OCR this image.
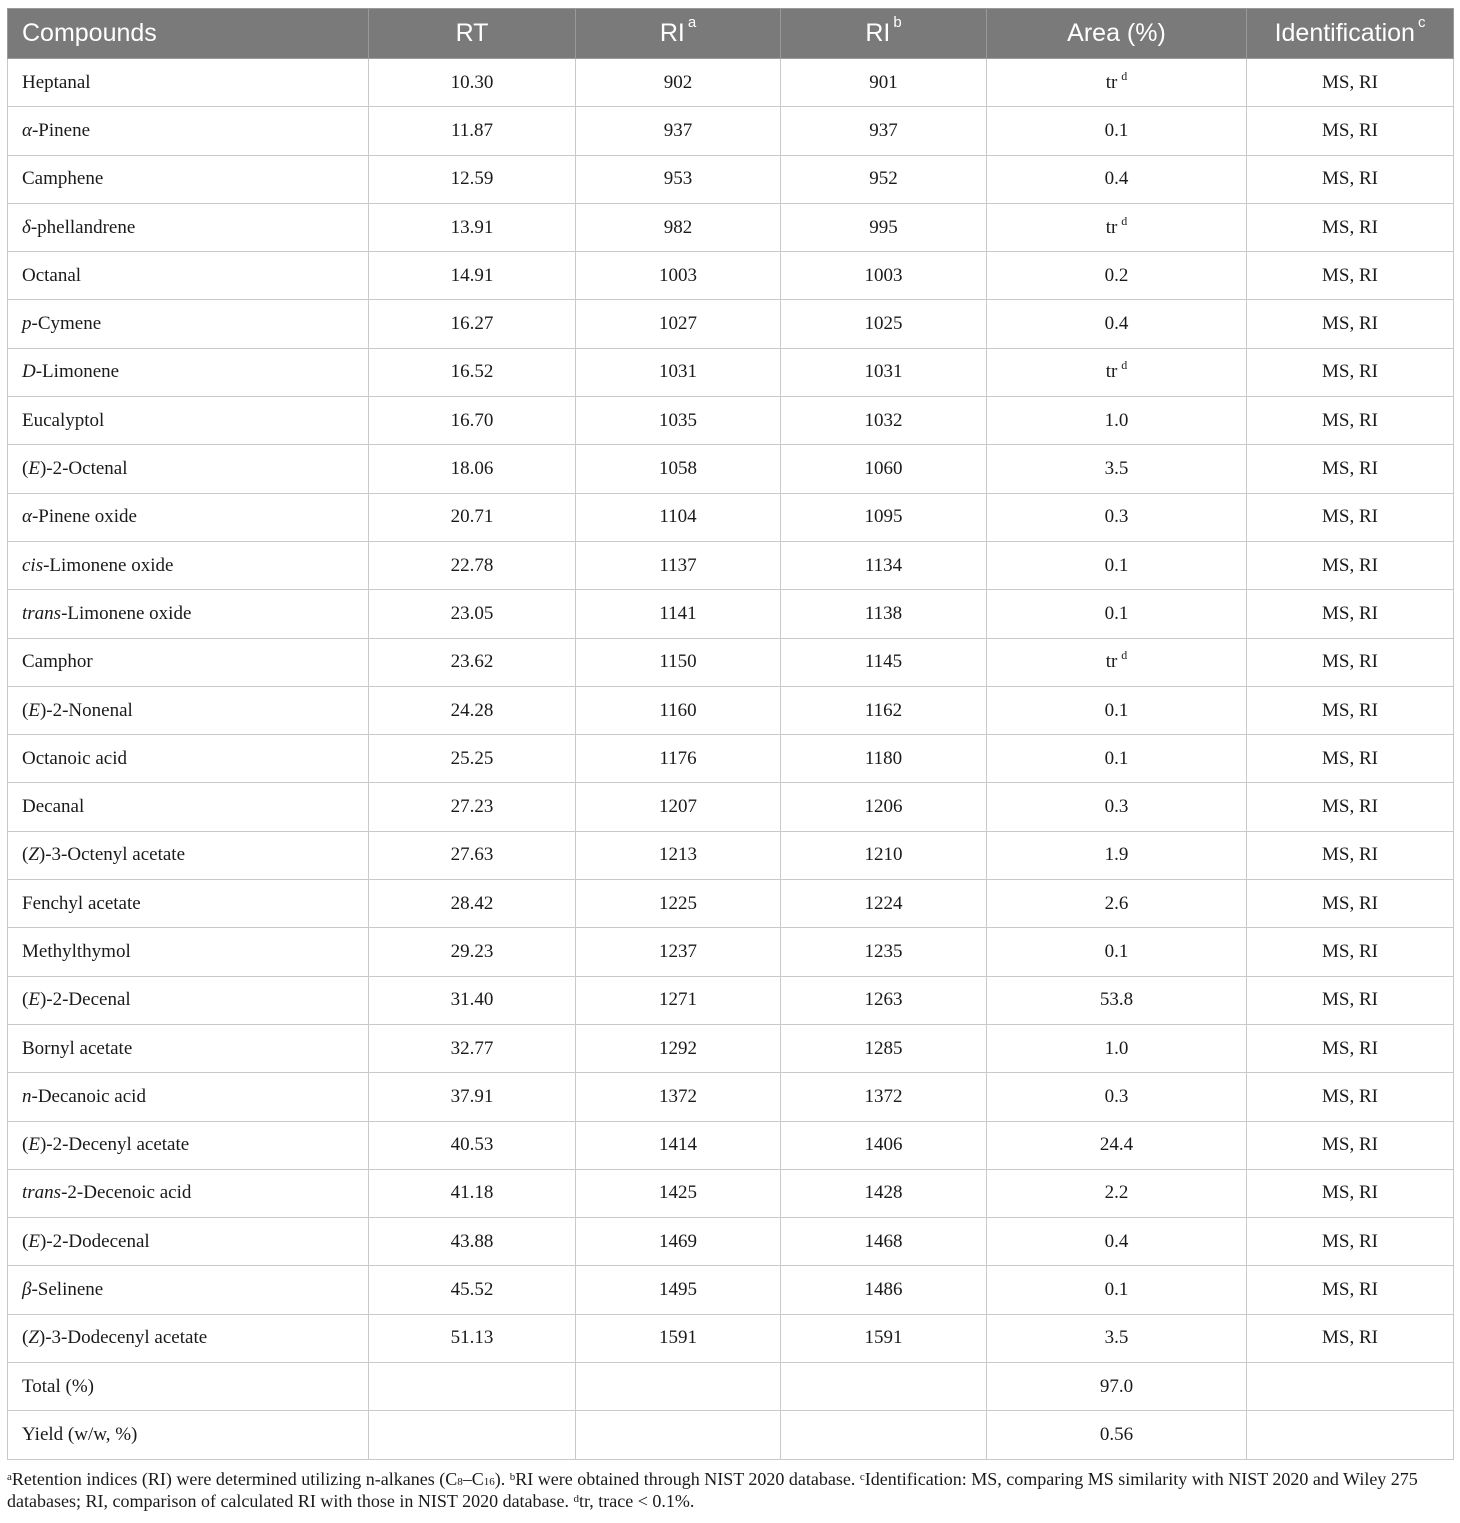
Compounds	RT	RI $^a$	RI $^b$	Area (%)	Identification $^c$
Heptanal	10.30	902	901	tr $^d$	MS, RI
α-Pinene	11.87	937	937	0.1	MS, RI
Camphene	12.59	953	952	0.4	MS, RI
δ-phellandrene	13.91	982	995	tr $^d$	MS, RI
Octanal	14.91	1003	1003	0.2	MS, RI
p-Cymene	16.27	1027	1025	0.4	MS, RI
D-Limonene	16.52	1031	1031	tr $^d$	MS, RI
Eucalyptol	16.70	1035	1032	1.0	MS, RI
(E)-2-Octenal	18.06	1058	1060	3.5	MS, RI
α-Pinene oxide	20.71	1104	1095	0.3	MS, RI
cis-Limonene oxide	22.78	1137	1134	0.1	MS, RI
trans-Limonene oxide	23.05	1141	1138	0.1	MS, RI
Camphor	23.62	1150	1145	tr $^d$	MS, RI
(E)-2-Nonenal	24.28	1160	1162	0.1	MS, RI
Octanoic acid	25.25	1176	1180	0.1	MS, RI
Decanal	27.23	1207	1206	0.3	MS, RI
(Z)-3-Octenyl acetate	27.63	1213	1210	1.9	MS, RI
Fenchyl acetate	28.42	1225	1224	2.6	MS, RI
Methylthymol	29.23	1237	1235	0.1	MS, RI
(E)-2-Decenal	31.40	1271	1263	53.8	MS, RI
Bornyl acetate	32.77	1292	1285	1.0	MS, RI
n-Decanoic acid	37.91	1372	1372	0.3	MS, RI
(E)-2-Decenyl acetate	40.53	1414	1406	24.4	MS, RI
trans-2-Decenoic acid	41.18	1425	1428	2.2	MS, RI
(E)-2-Dodecenal	43.88	1469	1468	0.4	MS, RI
β-Selinene	45.52	1495	1486	0.1	MS, RI
(Z)-3-Dodecenyl acetate	51.13	1591	1591	3.5	MS, RI
Total (%)				97.0	
Yield (w/w, %)				0.56	
$^a$Retention indices (RI) were determined utilizing n-alkanes $(C_8-C_{16})$. $^b$RI were obtained through NIST 2020 database. $^c$Identification: MS, comparing MS similarity with NIST 2020 and Wiley 275 databases; RI, comparison of calculated RI with those in NIST 2020 database. $^d$tr, trace < 0.1%.
